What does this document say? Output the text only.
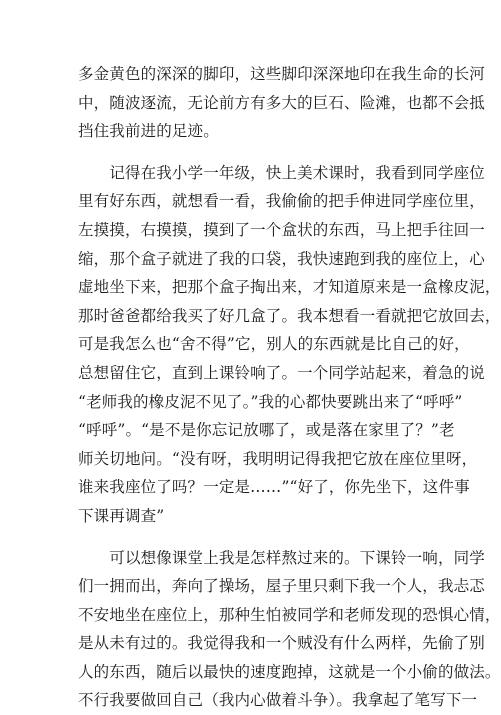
多金黄色的深深的脚印，这些脚印深深地印在我生命的长河
中，随波逐流，无论前方有多大的巨石、险滩，也都不会抵
挡住我前进的足迹。

　　记得在我小学一年级，快上美术课时，我看到同学座位
里有好东西，就想看一看，我偷偷的把手伸进同学座位里，
左摸摸，右摸摸，摸到了一个盒状的东西，马上把手往回一
缩，那个盒子就进了我的口袋，我快速跑到我的座位上，心
虚地坐下来，把那个盒子掏出来，才知道原来是一盒橡皮泥，
那时爸爸都给我买了好几盒了。我本想看一看就把它放回去，
可是我怎么也“舍不得”它，别人的东西就是比自己的好，
总想留住它，直到上课铃响了。一个同学站起来，着急的说
“老师我的橡皮泥不见了。”我的心都快要跳出来了“呼呼”
“呼呼”。“是不是你忘记放哪了，或是落在家里了？”老
师关切地问。“没有呀，我明明记得我把它放在座位里呀，
谁来我座位了吗？一定是……”“好了，你先坐下，这件事
下课再调查”

　　可以想像课堂上我是怎样熬过来的。下课铃一响，同学
们一拥而出，奔向了操场，屋子里只剩下我一个人，我忐忑
不安地坐在座位上，那种生怕被同学和老师发现的恐惧心情，
是从未有过的。我觉得我和一个贼没有什么两样，先偷了别
人的东西，随后以最快的速度跑掉，这就是一个小偷的做法。
不行我要做回自己（我内心做着斗争）。我拿起了笔写下一
